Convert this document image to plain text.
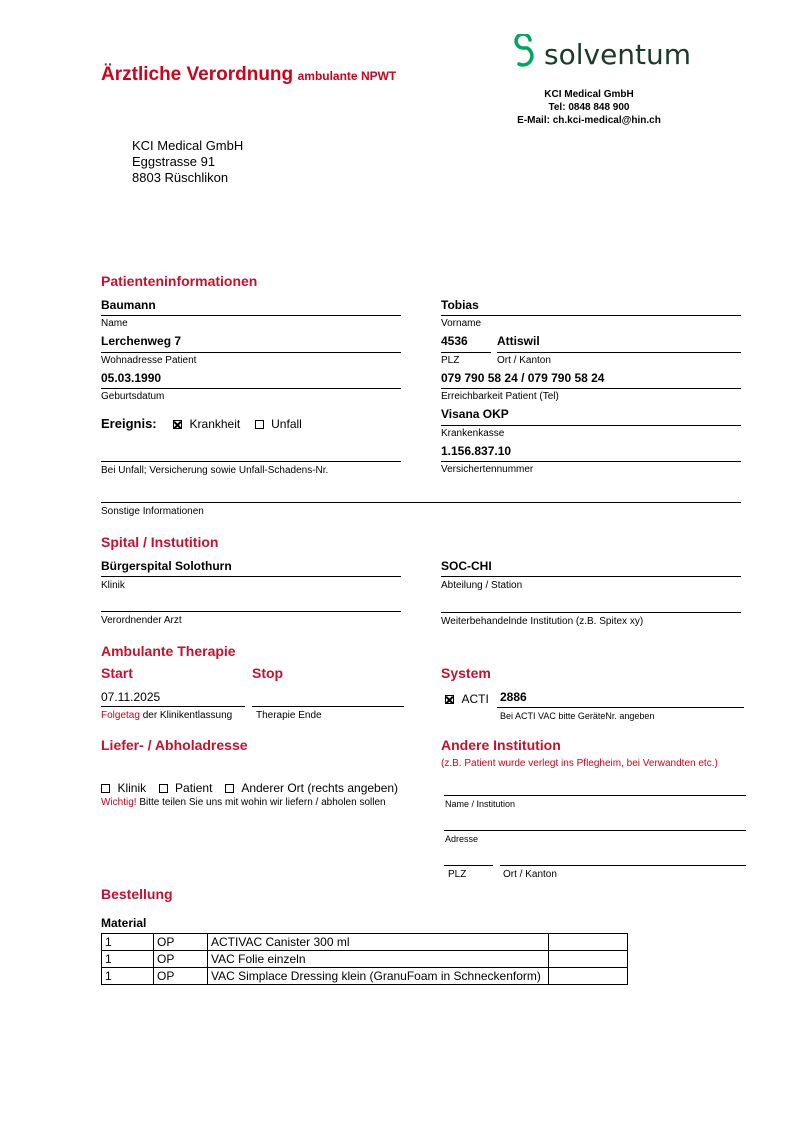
Ärztliche Verordnung ambulante NPWT
solventum
KCI Medical GmbH
Tel: 0848 848 900
E-Mail: ch.kci-medical@hin.ch
KCI Medical GmbH
Eggstrasse 91
8803 Rüschlikon
Patienteninformationen
Baumann
Name
Tobias
Vorname
Lerchenweg 7
Wohnadresse Patient
4536
PLZ
Attiswil
Ort / Kanton
05.03.1990
Geburtsdatum
079 790 58 24 / 079 790 58 24
Erreichbarkeit Patient (Tel)
Ereignis:	Krankheit	Unfall
Visana OKP
Krankenkasse
1.156.837.10
Versichertennummer
Bei Unfall; Versicherung sowie Unfall-Schadens-Nr.
Sonstige Informationen
Spital / Instutition
Bürgerspital Solothurn
Klinik
SOC-CHI
Abteilung / Station
Verordnender Arzt	Weiterbehandelnde Institution (z.B. Spitex xy)
Ambulante Therapie
Start	Stop	System
07.11.2025
Folgetag der Klinikentlassung Therapie Ende
ACTI 2886
Bei ACTI VAC bitte GeräteNr. angeben
Liefer- / Abholadresse
Klinik Patient Anderer Ort (rechts angeben)
Wichtig! Bitte teilen Sie uns mit wohin wir liefern / abholen sollen
Andere Institution
(z.B. Patient wurde verlegt ins Pflegheim, bei Verwandten etc.)
Name / Institution
Adresse
PLZ	Ort / Kanton
Bestellung
Material
1	OP	ACTIVAC Canister 300 ml	
1	OP	VAC Folie einzeln	
1	OP	VAC Simplace Dressing klein (GranuFoam in Schneckenform)	
